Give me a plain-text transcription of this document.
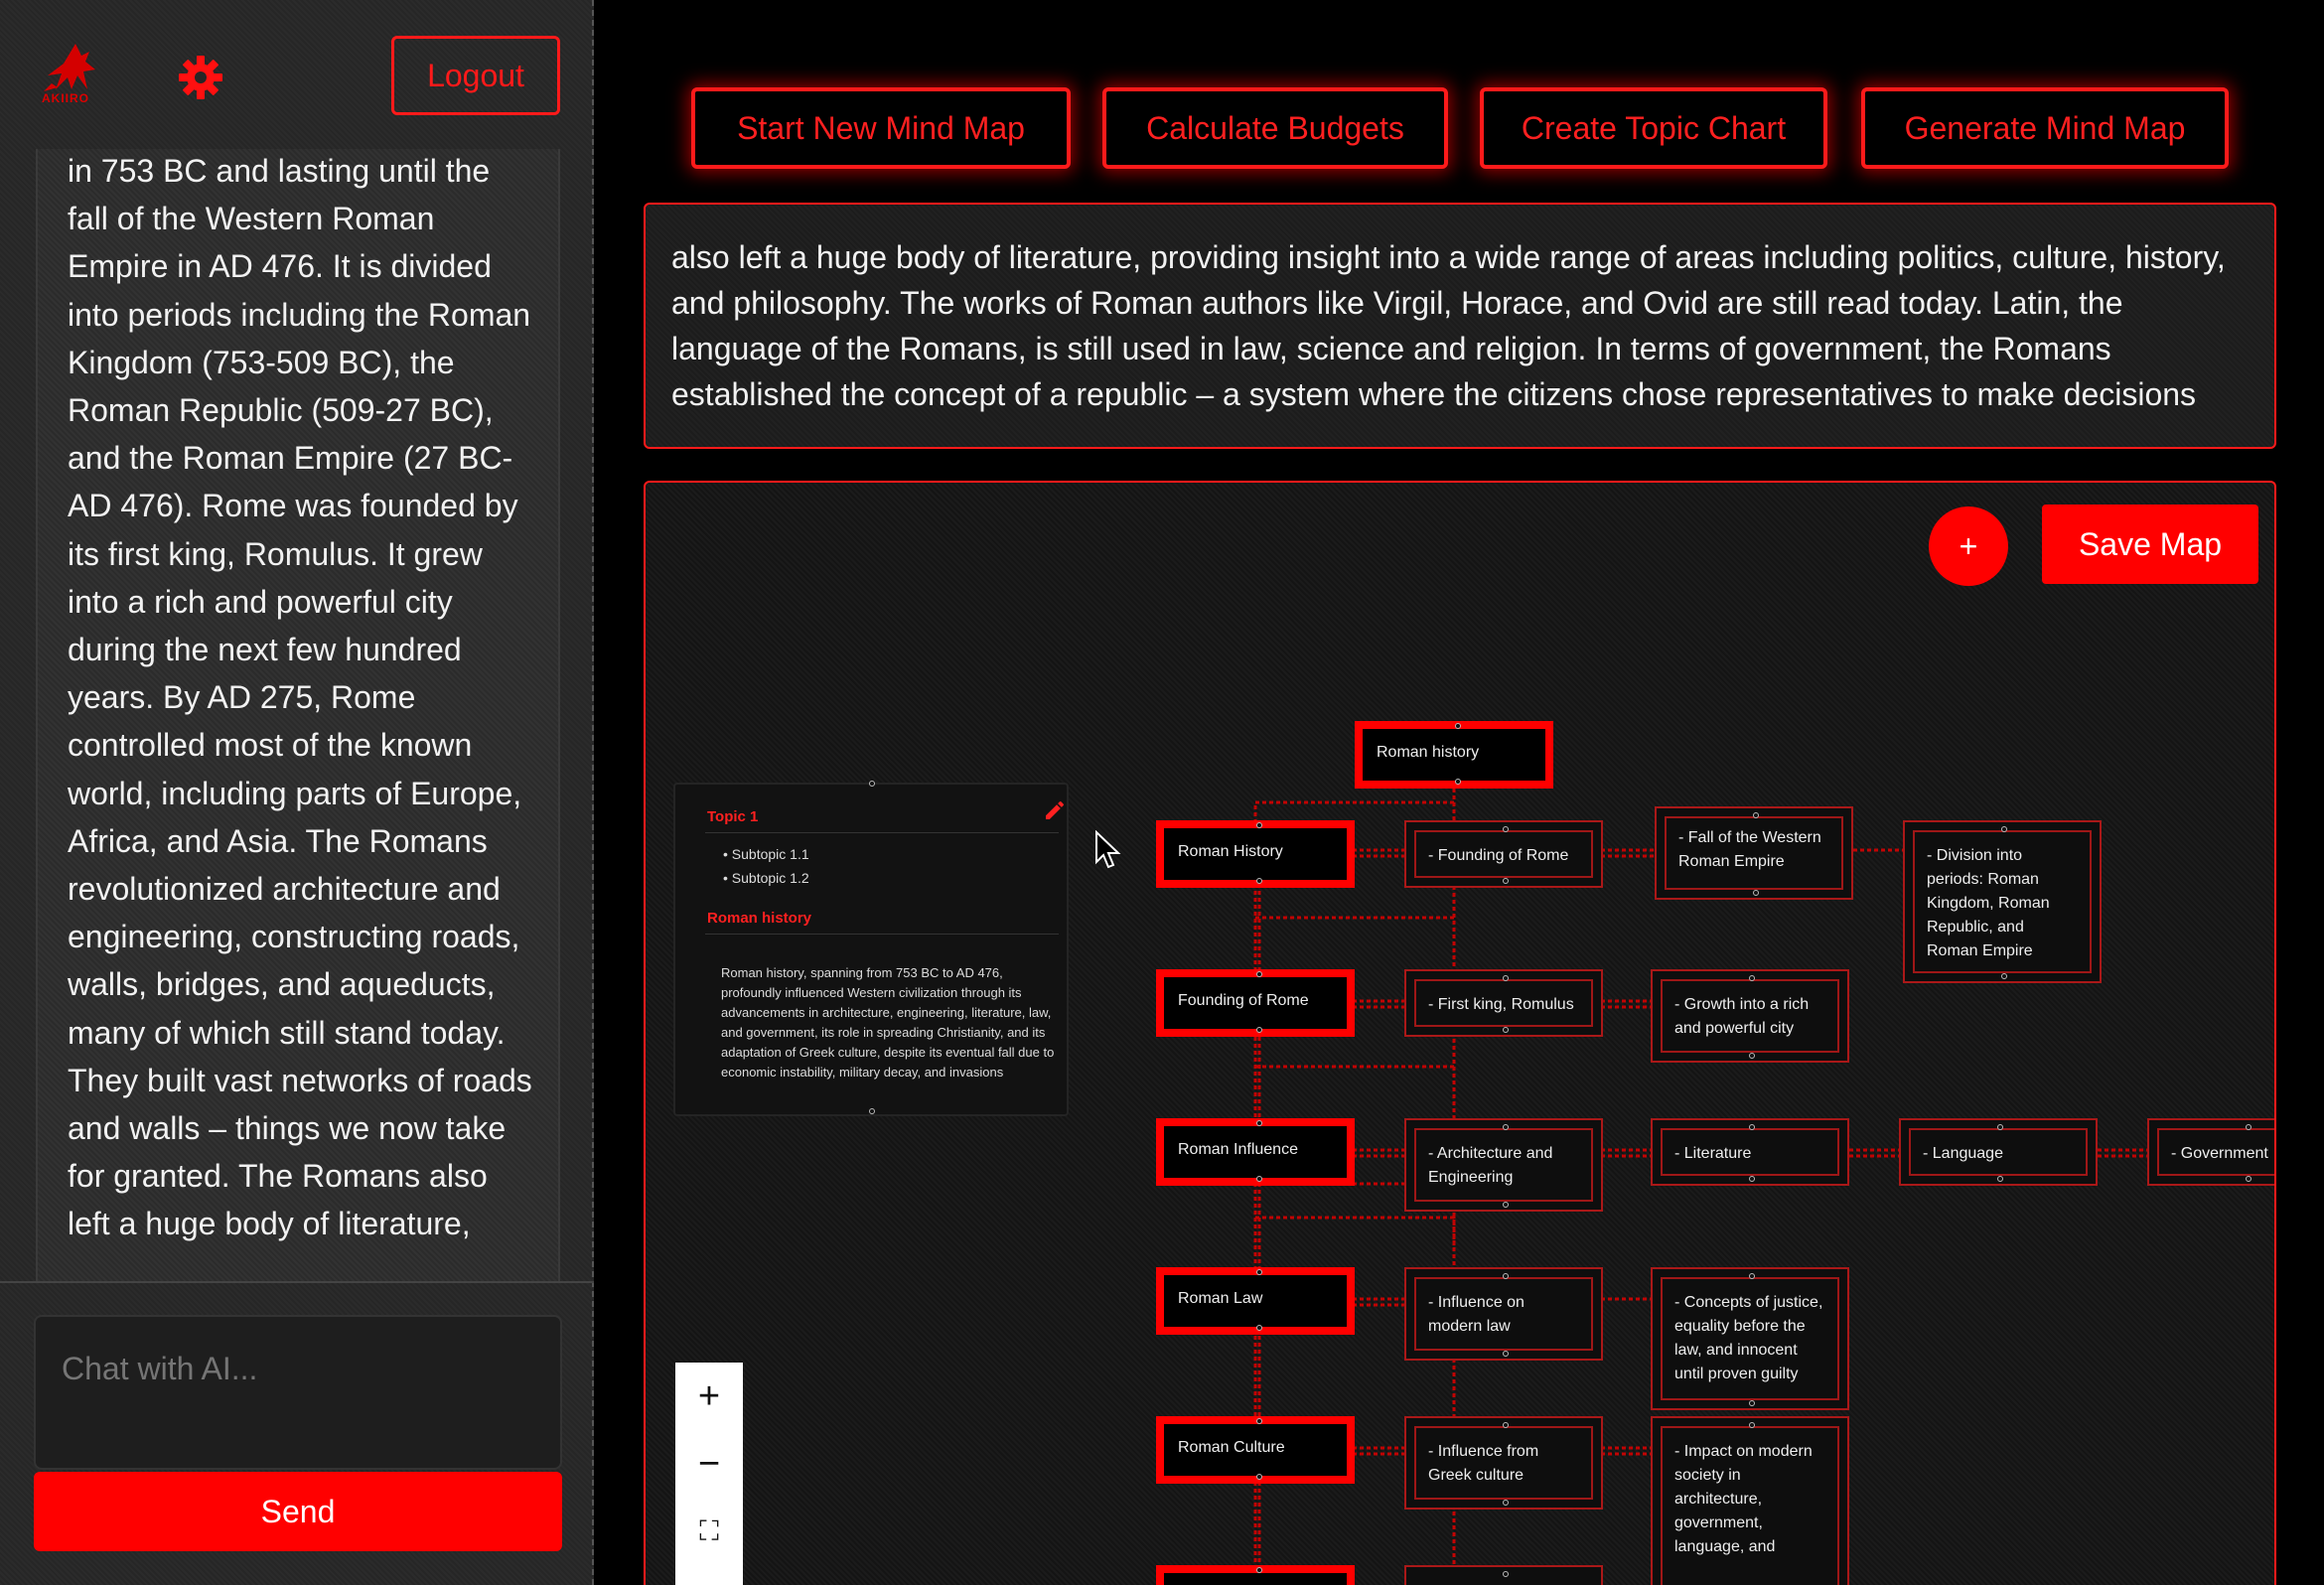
AKIIRO
Logout
in 753 BC and lasting until the fall of the Western Roman Empire in AD 476. It is divided into periods including the Roman Kingdom (753-509 BC), the Roman Republic (509-27 BC), and the Roman Empire (27 BC-AD 476). Rome was founded by its first king, Romulus. It grew into a rich and powerful city during the next few hundred years. By AD 275, Rome controlled most of the known world, including parts of Europe, Africa, and Asia. The Romans revolutionized architecture and engineering, constructing roads, walls, bridges, and aqueducts, many of which still stand today. They built vast networks of roads and walls – things we now take for granted. The Romans also left a huge body of literature,
Chat with AI...
Send
Start New Mind Map	Calculate Budgets	Create Topic Chart	Generate Mind Map

also left a huge body of literature, providing insight into a wide range of areas including politics, culture, history, and philosophy. The works of Roman authors like Virgil, Horace, and Ovid are still read today. Latin, the language of the Romans, is still used in law, science and religion. In terms of government, the Romans established the concept of a republic – a system where the citizens chose representatives to make decisions

+	Save Map
Roman history
Roman History
Founding of Rome
Roman Influence
Roman Law
Roman Culture
- Founding of Rome
- Fall of the Western Roman Empire	- Division into periods: Roman Kingdom, Roman Republic, and Roman Empire
- First king, Romulus	- Growth into a rich and powerful city
- Architecture and Engineering
- Literature	- Language	- Government
- Influence on modern law
- Concepts of justice, equality before the law, and innocent until proven guilty
- Influence from Greek culture
- Impact on modern society in architecture, government, language, and
Topic 1
• Subtopic 1.1
• Subtopic 1.2
Roman history
Roman history, spanning from 753 BC to AD 476, profoundly influenced Western civilization through its advancements in architecture, engineering, literature, law, and government, its role in spreading Christianity, and its adaptation of Greek culture, despite its eventual fall due to economic instability, military decay, and invasions
+
−
⛶
